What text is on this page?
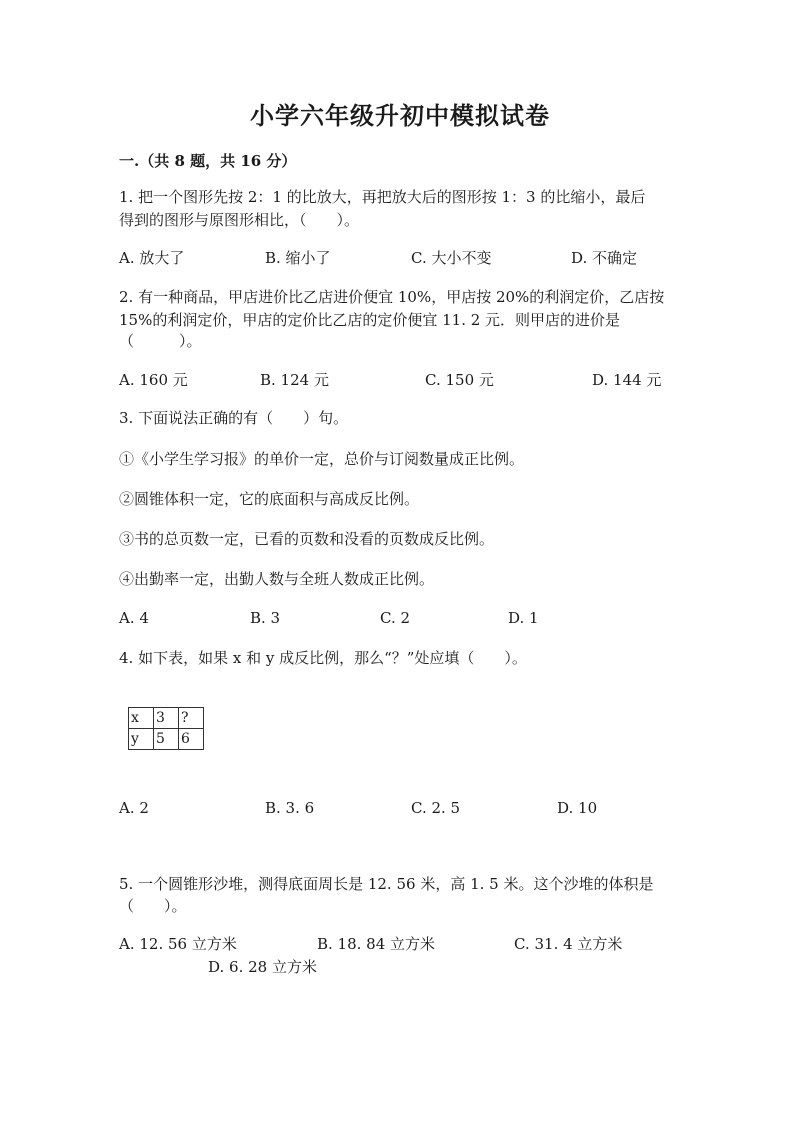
小学六年级升初中模拟试卷
一.（共 8 题，共 16 分）
1. 把一个图形先按 2：1 的比放大，再把放大后的图形按 1：3 的比缩小，最后
得到的图形与原图形相比，（　　）。
A. 放大了	B. 缩小了	C. 大小不变	D. 不确定
2. 有一种商品，甲店进价比乙店进价便宜 10%，甲店按 20%的利润定价，乙店按
15%的利润定价，甲店的定价比乙店的定价便宜 11. 2 元．则甲店的进价是
（　　　）。
A. 160 元	B. 124 元	C. 150 元	D. 144 元
3. 下面说法正确的有（　　）句。
①《小学生学习报》的单价一定，总价与订阅数量成正比例。
②圆锥体积一定，它的底面积与高成反比例。
③书的总页数一定，已看的页数和没看的页数成反比例。
④出勤率一定，出勤人数与全班人数成正比例。
A. 4	B. 3	C. 2	D. 1
4. 如下表，如果 x 和 y 成反比例，那么“？”处应填（　　）。
x	3	?
y	5	6
A. 2	B. 3. 6	C. 2. 5	D. 10
5. 一个圆锥形沙堆，测得底面周长是 12. 56 米，高 1. 5 米。这个沙堆的体积是
（　　）。
A. 12. 56 立方米	B. 18. 84 立方米	C. 31. 4 立方米
D. 6. 28 立方米
